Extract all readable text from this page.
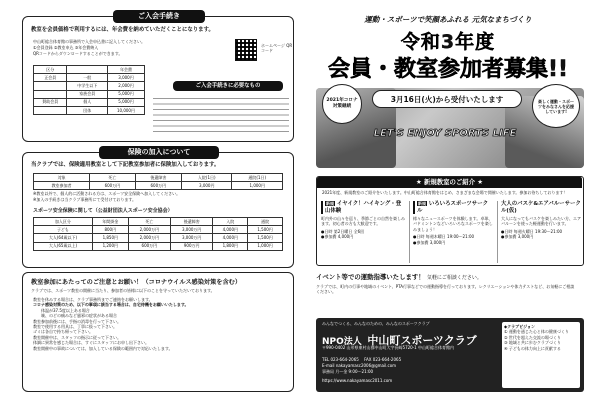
ご入会手続き
教室を会員価格で利用するには、年会費を納めていただくことになります。
中山町総合体育館の事務所で入会申込書に記入してください。
①会員登録 ②教室申込 ③年会費納入
QRコードからダウンロードすることができます。
ホームページ QR コード
区分		年会費
正会員	一般	3,000円
	中学生以下	2,000円
	家族会員	5,000円
賛助会員	個人	5,000円
	団体	10,000円
ご入会手続きに必要なもの
保険の加入について
当クラブでは、保険適用教室として下記教室参加者に保険加入しております。
対象	死亡	後遺障害	入院(1日)	通院(1日)
教室参加者	600万円	600万円	3,000円	1,000円
※教室以外で、個人的に活動される方は、スポーツ安全保険へ加入してください。
※加入の手続きは当クラブ事務所にて受付けております。
スポーツ安全保険に関して（公益財団法人スポーツ安全協会）
加入区分	年間掛金	死亡	後遺障害	入院	通院
子ども	800円	2,000万円	3,000万円	4,000円	1,500円
大人(64歳以下)	1,850円	2,000万円	3,000万円	4,000円	1,500円
大人(65歳以上)	1,200円	600万円	900万円	1,800円	1,000円
教室参加にあたってのご注意とお願い！（コロナウイルス感染対策を含む）
クラブでは、スポーツ教室の開催に当たり、参加者の皆様に以下のことを守っていただいております。
教室を休みする場合は、クラブ事務所までご連絡をお願いします。
コロナ感染対策のため、以下の事項に該当する場合は、自宅待機をお願いいたします。
体温が37.5度以上ある場合
咳、のどの痛みなど風邪の症状がある場合
教室参加前後には、手指の消毒を行って下さい。
教室で使用する用具は、丁寧に扱って下さい。
ゴミは各自で持ち帰って下さい。
教室開催中は、スタッフの指示に従って下さい。
体調に異常を感じた場合は、すぐにスタッフにお申し出下さい。
教室開催中の事故については、加入している保険の範囲内で対応いたします。
運動・スポーツで笑顔あふれる 元気なまちづくり
令和3年度
会員・教室参加者募集!!
2021年コロナ対策継続
3月16日(火)から受付いたします	楽しく運動・スポーツをみなさんを応援しています!
LET'S ENJOY SPORTS LIFE
★ 新規教室のご紹介 ★
2021年度、新規教室のご紹介をいたします。中山町総合体育館をはじめ、さまざまな会場で開催いたします。参加お待ちしております！
新規 イヤイク！ハイキング・登山体験
町内外の山々を巡り、季節ごとの自然を楽しみます。初心者の方も大歓迎です。
●日時 第2日曜日 全6回
●参加費 4,000円
新規 いろいろスポーツサークル
様々なニュースポーツを体験します。卓球、バドミントンなどいろいろなスポーツを楽しみましょう！
●日時 毎週木曜日 19:00〜21:00
●参加費 3,000円
大人のバスケ&エアバルーサークル(仮)
大人になってもバスケを楽しみたい方、エアバルーンを使った軽運動を行います。
●日時 毎週火曜日 19:30〜21:00
●参加費 3,000円
イベント等での運動指導いたします！ 気軽にご相談ください。
クラブでは、町内の行事や地域のイベント、PTA行事などでの運動指導を行っております。レクリエーションや体力テストなど、お気軽にご相談ください。
みんなでつくる、みんなのための、みんなのスポーツクラブ
NPO法人 中山町スポーツクラブ
〒990-0402 山形県東村山郡中山町大字長崎5720-1 中山町総合体育館内
TEL 023-664-2065 FAX 023-664-2065
E-mail nakayamasc2006@gmail.com
事務局 月〜金 9:00〜21:00
https://www.nakayamasc2011.com
◆クラブビジョン
① 運動を通じた心と体の健康づくり
② 世代を超えた交流の場づくり
③ 地域と共に歩むクラブづくり
④ 子どもの体力向上に貢献する
